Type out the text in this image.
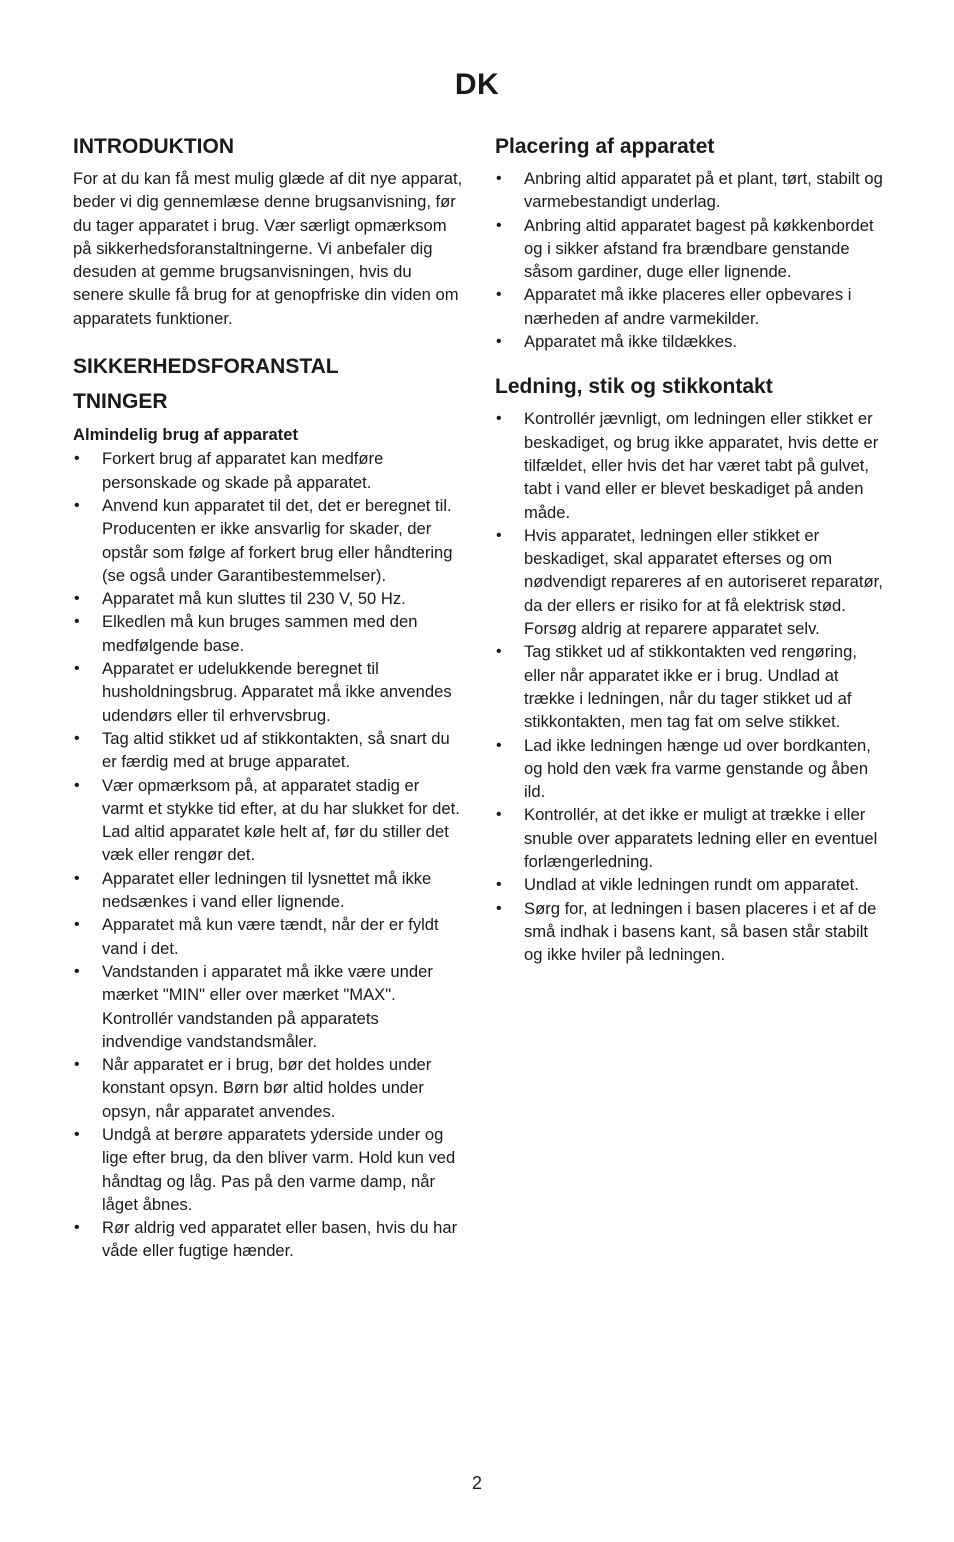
DK
INTRODUKTION

For at du kan få mest mulig glæde af dit nye apparat, beder vi dig gennemlæse denne brugsanvisning, før du tager apparatet i brug. Vær særligt opmærksom på sikkerhedsforanstaltningerne. Vi anbefaler dig desuden at gemme brugsanvisningen, hvis du senere skulle få brug for at genopfriske din viden om apparatets funktioner.

SIKKERHEDSFORANSTAL
TNINGER
Almindelig brug af apparatet
• Forkert brug af apparatet kan medføre personskade og skade på apparatet.
• Anvend kun apparatet til det, det er beregnet til. Producenten er ikke ansvarlig for skader, der opstår som følge af forkert brug eller håndtering (se også under Garantibestemmelser).
• Apparatet må kun sluttes til 230 V, 50 Hz.
• Elkedlen må kun bruges sammen med den medfølgende base.
• Apparatet er udelukkende beregnet til husholdningsbrug. Apparatet må ikke anvendes udendørs eller til erhvervsbrug.
• Tag altid stikket ud af stikkontakten, så snart du er færdig med at bruge apparatet.
• Vær opmærksom på, at apparatet stadig er varmt et stykke tid efter, at du har slukket for det. Lad altid apparatet køle helt af, før du stiller det væk eller rengør det.
• Apparatet eller ledningen til lysnettet må ikke nedsænkes i vand eller lignende.
• Apparatet må kun være tændt, når der er fyldt vand i det.
• Vandstanden i apparatet må ikke være under mærket "MIN" eller over mærket "MAX". Kontrollér vandstanden på apparatets indvendige vandstandsmåler.
• Når apparatet er i brug, bør det holdes under konstant opsyn. Børn bør altid holdes under opsyn, når apparatet anvendes.
• Undgå at berøre apparatets yderside under og lige efter brug, da den bliver varm. Hold kun ved håndtag og låg. Pas på den varme damp, når låget åbnes.
• Rør aldrig ved apparatet eller basen, hvis du har våde eller fugtige hænder.
Placering af apparatet
• Anbring altid apparatet på et plant, tørt, stabilt og varmebestandigt underlag.
• Anbring altid apparatet bagest på køkkenbordet og i sikker afstand fra brændbare genstande såsom gardiner, duge eller lignende.
• Apparatet må ikke placeres eller opbevares i nærheden af andre varmekilder.
• Apparatet må ikke tildækkes.
Ledning, stik og stikkontakt
• Kontrollér jævnligt, om ledningen eller stikket er beskadiget, og brug ikke apparatet, hvis dette er tilfældet, eller hvis det har været tabt på gulvet, tabt i vand eller er blevet beskadiget på anden måde.
• Hvis apparatet, ledningen eller stikket er beskadiget, skal apparatet efterses og om nødvendigt repareres af en autoriseret reparatør, da der ellers er risiko for at få elektrisk stød. Forsøg aldrig at reparere apparatet selv.
• Tag stikket ud af stikkontakten ved rengøring, eller når apparatet ikke er i brug. Undlad at trække i ledningen, når du tager stikket ud af stikkontakten, men tag fat om selve stikket.
• Lad ikke ledningen hænge ud over bordkanten, og hold den væk fra varme genstande og åben ild.
• Kontrollér, at det ikke er muligt at trække i eller snuble over apparatets ledning eller en eventuel forlængerledning.
• Undlad at vikle ledningen rundt om apparatet.
• Sørg for, at ledningen i basen placeres i et af de små indhak i basens kant, så basen står stabilt og ikke hviler på ledningen.
2
